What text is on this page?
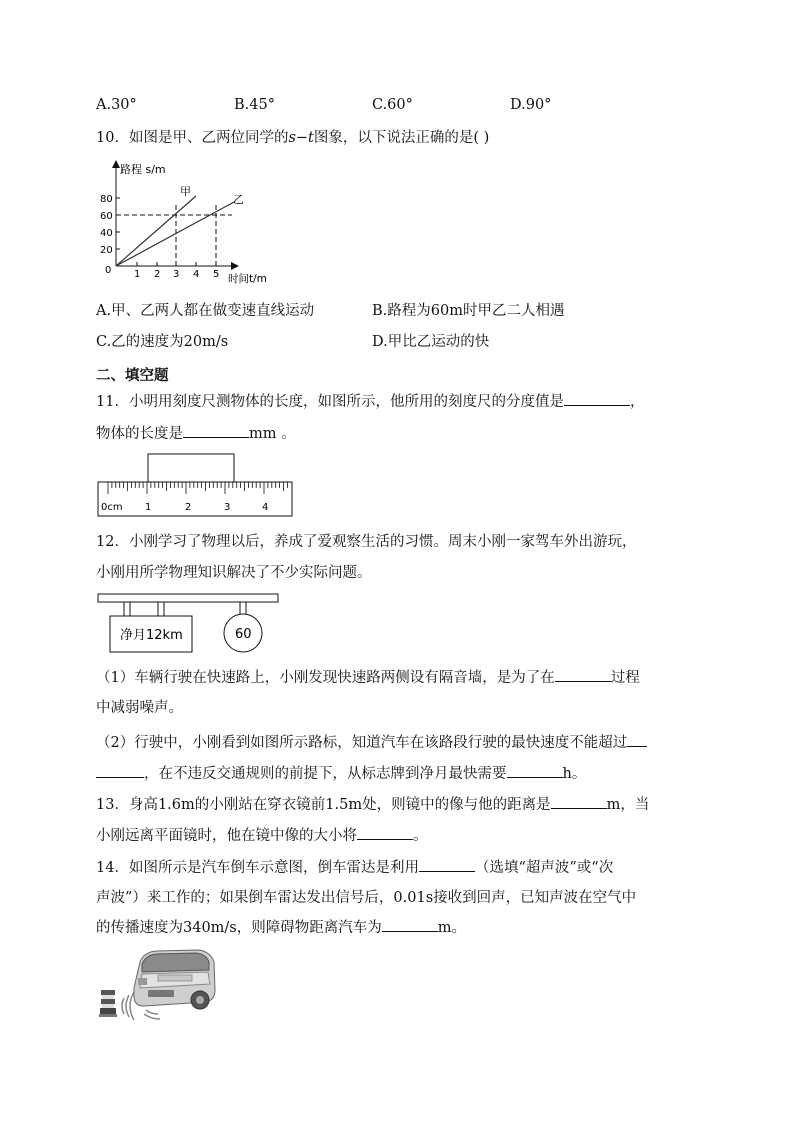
A.30°	B.45°	C.60°	D.90°
10．如图是甲、乙两位同学的s−t图象，以下说法正确的是( )
路程 s/m
80
60
40
20
0 1 2 3 4 5 时间t/m
甲
乙
A.甲、乙两人都在做变速直线运动	B.路程为60m时甲乙二人相遇
C.乙的速度为20m/s	D.甲比乙运动的快
二、填空题
11．小明用刻度尺测物体的长度，如图所示，他所用的刻度尺的分度值是	，
物体的长度是	mm 。
0cm 1	2	3	4
12．小刚学习了物理以后，养成了爱观察生活的习惯。周末小刚一家驾车外出游玩，
小刚用所学物理知识解决了不少实际问题。
净月12km	60
（1）车辆行驶在快速路上，小刚发现快速路两侧设有隔音墙，是为了在	过程
中减弱噪声。
（2）行驶中，小刚看到如图所示路标，知道汽车在该路段行驶的最快速度不能超过
，在不违反交通规则的前提下，从标志牌到净月最快需要	h。
13．身高1.6m的小刚站在穿衣镜前1.5m处，则镜中的像与他的距离是	m，当
小刚远离平面镜时，他在镜中像的大小将	。
14．如图所示是汽车倒车示意图，倒车雷达是利用	（选填“超声波”或“次
声波”）来工作的；如果倒车雷达发出信号后，0.01s接收到回声，已知声波在空气中
的传播速度为340m/s，则障碍物距离汽车为	m。
